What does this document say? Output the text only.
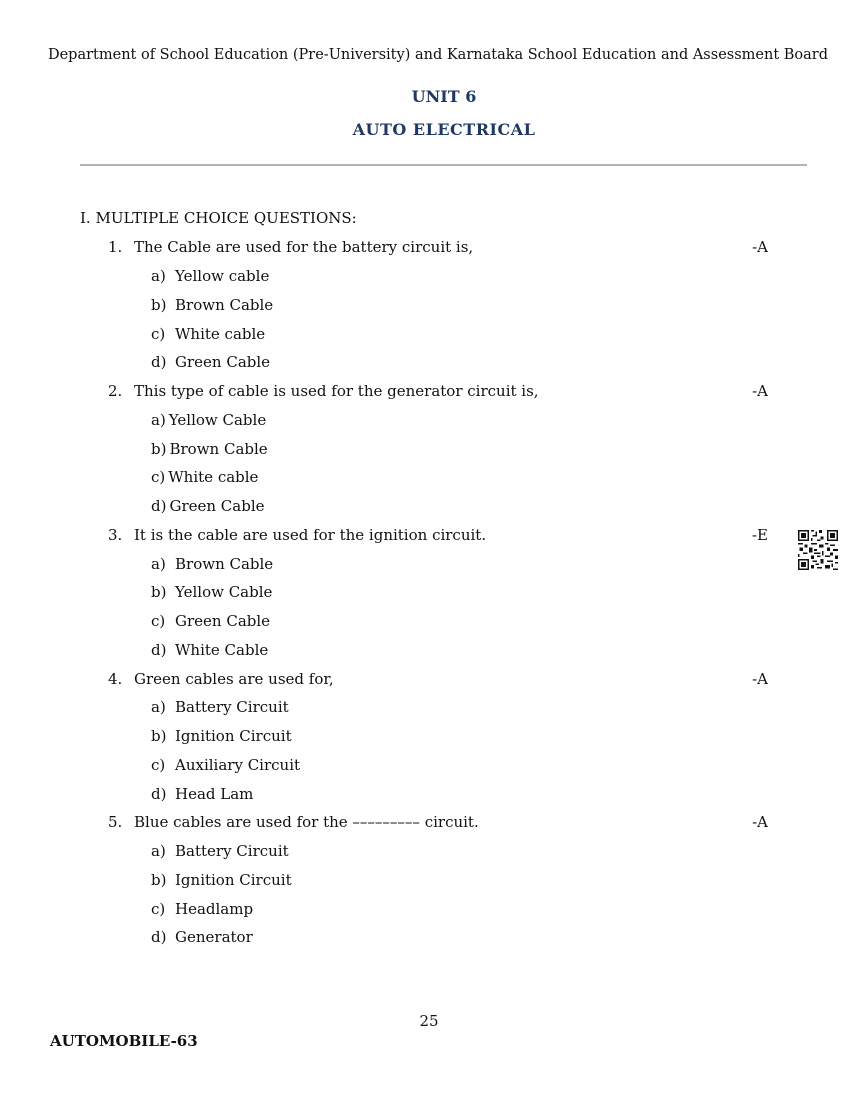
Department of School Education (Pre-University) and Karnataka School Education and Assessment Board
UNIT 6
AUTO ELECTRICAL
I. MULTIPLE CHOICE QUESTIONS:
1. The Cable are used for the battery circuit is,	-A
a) Yellow cable
b) Brown Cable
c) White cable
d) Green Cable
2. This type of cable is used for the generator circuit is,	-A
a) Yellow Cable
b) Brown Cable
c) White cable
d) Green Cable
3. It is the cable are used for the ignition circuit.	-E
a) Brown Cable
b) Yellow Cable
c) Green Cable
d) White Cable
4. Green cables are used for,	-A
a) Battery Circuit
b) Ignition Circuit
c) Auxiliary Circuit
d) Head Lam
5. Blue cables are used for the ––––––––– circuit.	-A
a) Battery Circuit
b) Ignition Circuit
c) Headlamp
d) Generator
25
AUTOMOBILE-63
